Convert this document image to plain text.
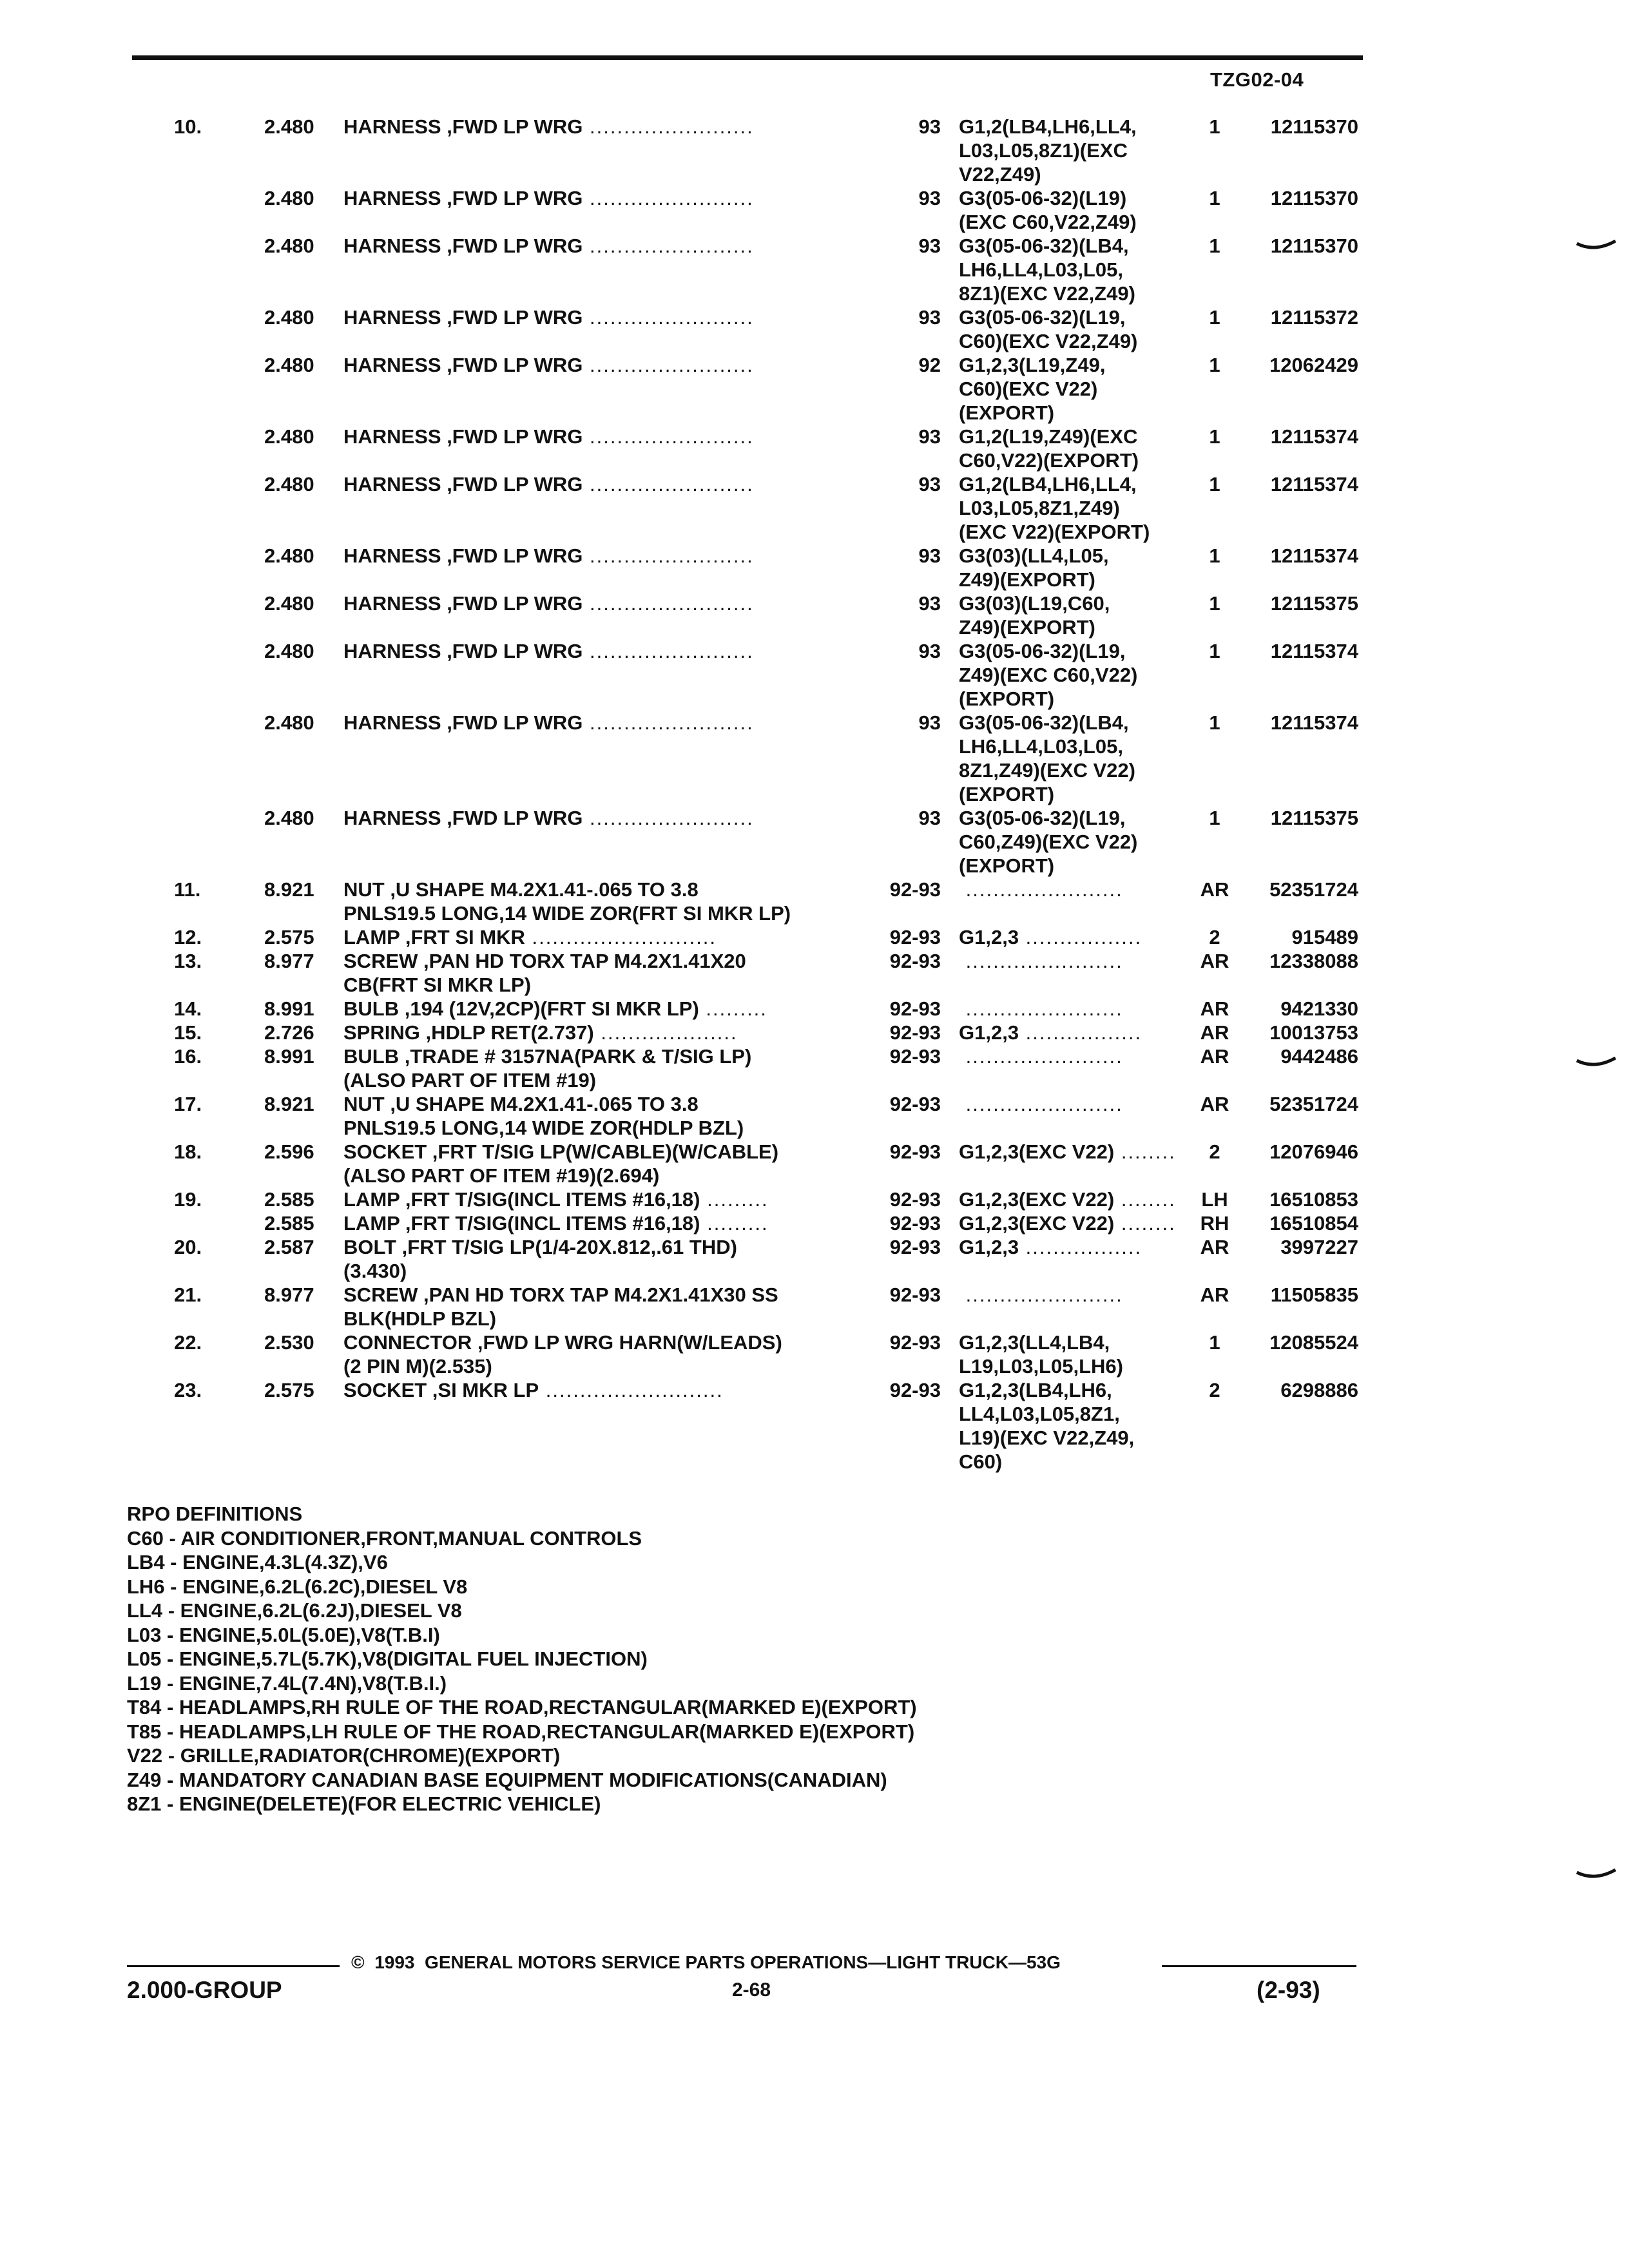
TZG02-04
10.	2.480	HARNESS ,FWD LP WRG ........................	93 G1,2(LB4,LH6,LL4,
L03,L05,8Z1)(EXC
V22,Z49)
1	12115370
2.480	HARNESS ,FWD LP WRG ........................	93 G3(05-06-32)(L19)
(EXC C60,V22,Z49)
1	12115370
2.480	HARNESS ,FWD LP WRG ........................	93 G3(05-06-32)(LB4,
LH6,LL4,L03,L05,
8Z1)(EXC V22,Z49)
1	12115370
2.480	HARNESS ,FWD LP WRG ........................	93 G3(05-06-32)(L19,
C60)(EXC V22,Z49)
1	12115372
2.480	HARNESS ,FWD LP WRG ........................	92 G1,2,3(L19,Z49,
C60)(EXC V22)
(EXPORT)
1	12062429
2.480	HARNESS ,FWD LP WRG ........................	93 G1,2(L19,Z49)(EXC
C60,V22)(EXPORT)
1	12115374
2.480	HARNESS ,FWD LP WRG ........................	93 G1,2(LB4,LH6,LL4,
L03,L05,8Z1,Z49)
(EXC V22)(EXPORT)
1	12115374
2.480	HARNESS ,FWD LP WRG ........................	93 G3(03)(LL4,L05,
Z49)(EXPORT)
1	12115374
2.480	HARNESS ,FWD LP WRG ........................	93 G3(03)(L19,C60,
Z49)(EXPORT)
1	12115375
2.480	HARNESS ,FWD LP WRG ........................	93 G3(05-06-32)(L19,
Z49)(EXC C60,V22)
(EXPORT)
1	12115374
2.480	HARNESS ,FWD LP WRG ........................	93 G3(05-06-32)(LB4,
LH6,LL4,L03,L05,
8Z1,Z49)(EXC V22)
(EXPORT)
1	12115374
2.480	HARNESS ,FWD LP WRG ........................	93 G3(05-06-32)(L19,
C60,Z49)(EXC V22)
(EXPORT)
1	12115375
11.	8.921	NUT ,U SHAPE M4.2X1.41-.065 TO 3.8
PNLS19.5 LONG,14 WIDE ZOR(FRT SI MKR LP)
92-93 .......................	AR	52351724
12.	2.575	LAMP ,FRT SI MKR ...........................	92-93 G1,2,3 .................	2	915489
13.	8.977	SCREW ,PAN HD TORX TAP M4.2X1.41X20
CB(FRT SI MKR LP)
92-93 .......................	AR	12338088
14.	8.991	BULB ,194 (12V,2CP)(FRT SI MKR LP) .........	92-93 .......................	AR	9421330
15.	2.726	SPRING ,HDLP RET(2.737) ....................	92-93 G1,2,3 .................	AR	10013753
16.	8.991	BULB ,TRADE # 3157NA(PARK & T/SIG LP)
(ALSO PART OF ITEM #19)
92-93 .......................	AR	9442486
17.	8.921	NUT ,U SHAPE M4.2X1.41-.065 TO 3.8
PNLS19.5 LONG,14 WIDE ZOR(HDLP BZL)
92-93 .......................	AR	52351724
18.	2.596	SOCKET ,FRT T/SIG LP(W/CABLE)(W/CABLE)
(ALSO PART OF ITEM #19)(2.694)
92-93 G1,2,3(EXC V22) ........	2	12076946
19.	2.585	LAMP ,FRT T/SIG(INCL ITEMS #16,18) .........	92-93 G1,2,3(EXC V22) ........	LH	16510853
2.585	LAMP ,FRT T/SIG(INCL ITEMS #16,18) .........	92-93 G1,2,3(EXC V22) ........	RH	16510854
20.	2.587	BOLT ,FRT T/SIG LP(1/4-20X.812,.61 THD)
(3.430)
92-93 G1,2,3 .................	AR	3997227
21.	8.977	SCREW ,PAN HD TORX TAP M4.2X1.41X30 SS
BLK(HDLP BZL)
92-93 .......................	AR	11505835
22.	2.530	CONNECTOR ,FWD LP WRG HARN(W/LEADS)
(2 PIN M)(2.535)
92-93 G1,2,3(LL4,LB4,
L19,L03,L05,LH6)
1	12085524
23.	2.575	SOCKET ,SI MKR LP ..........................	92-93 G1,2,3(LB4,LH6,
LL4,L03,L05,8Z1,
L19)(EXC V22,Z49,
C60)
2	6298886
RPO DEFINITIONS
C60 - AIR CONDITIONER,FRONT,MANUAL CONTROLS
LB4 - ENGINE,4.3L(4.3Z),V6
LH6 - ENGINE,6.2L(6.2C),DIESEL V8
LL4 - ENGINE,6.2L(6.2J),DIESEL V8
L03 - ENGINE,5.0L(5.0E),V8(T.B.I)
L05 - ENGINE,5.7L(5.7K),V8(DIGITAL FUEL INJECTION)
L19 - ENGINE,7.4L(7.4N),V8(T.B.I.)
T84 - HEADLAMPS,RH RULE OF THE ROAD,RECTANGULAR(MARKED E)(EXPORT)
T85 - HEADLAMPS,LH RULE OF THE ROAD,RECTANGULAR(MARKED E)(EXPORT)
V22 - GRILLE,RADIATOR(CHROME)(EXPORT)
Z49 - MANDATORY CANADIAN BASE EQUIPMENT MODIFICATIONS(CANADIAN)
8Z1 - ENGINE(DELETE)(FOR ELECTRIC VEHICLE)
©  1993  GENERAL MOTORS SERVICE PARTS OPERATIONS—LIGHT TRUCK—53G
2.000-GROUP	2-68	(2-93)
